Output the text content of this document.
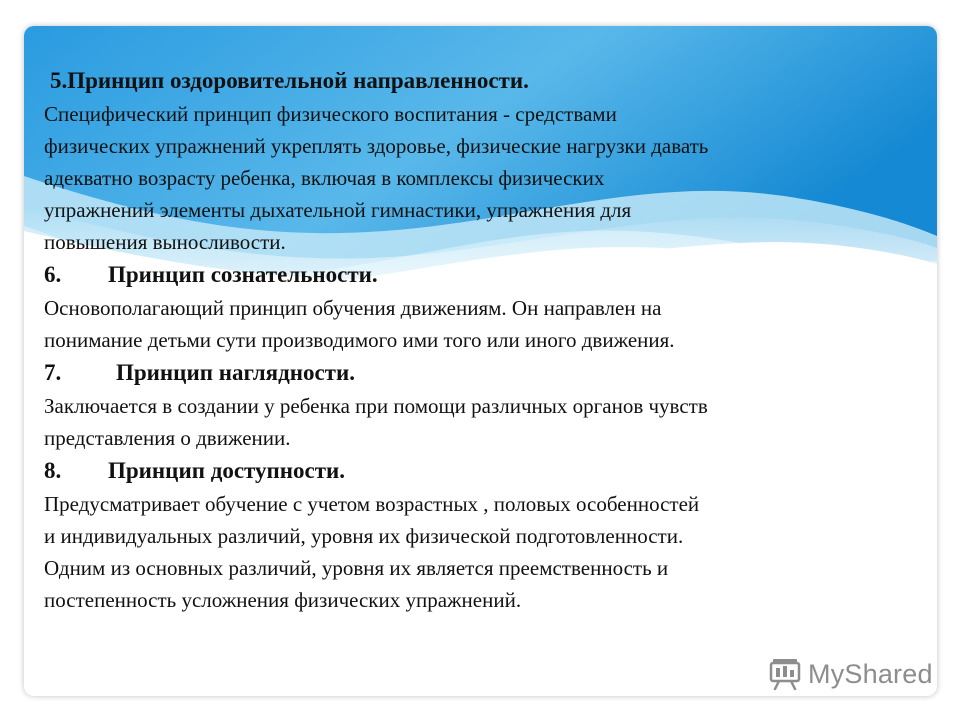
5.Принцип оздоровительной направленности.

Специфический принцип физического воспитания - средствами
физических упражнений укреплять здоровье, физические нагрузки давать
адекватно возрасту ребенка, включая в комплексы физических
упражнений элементы дыхательной гимнастики, упражнения для
повышения выносливости.

6. Принцип сознательности.

Основополагающий принцип обучения движениям. Он направлен на
понимание детьми сути производимого ими того или иного движения.

7. Принцип наглядности.

Заключается в создании у ребенка при помощи различных органов чувств
представления о движении.

8. Принцип доступности.

Предусматривает обучение с учетом возрастных , половых особенностей
и индивидуальных различий, уровня их физической подготовленности.
Одним из основных различий, уровня их является преемственность и
постепенность усложнения физических упражнений.

MyShared
